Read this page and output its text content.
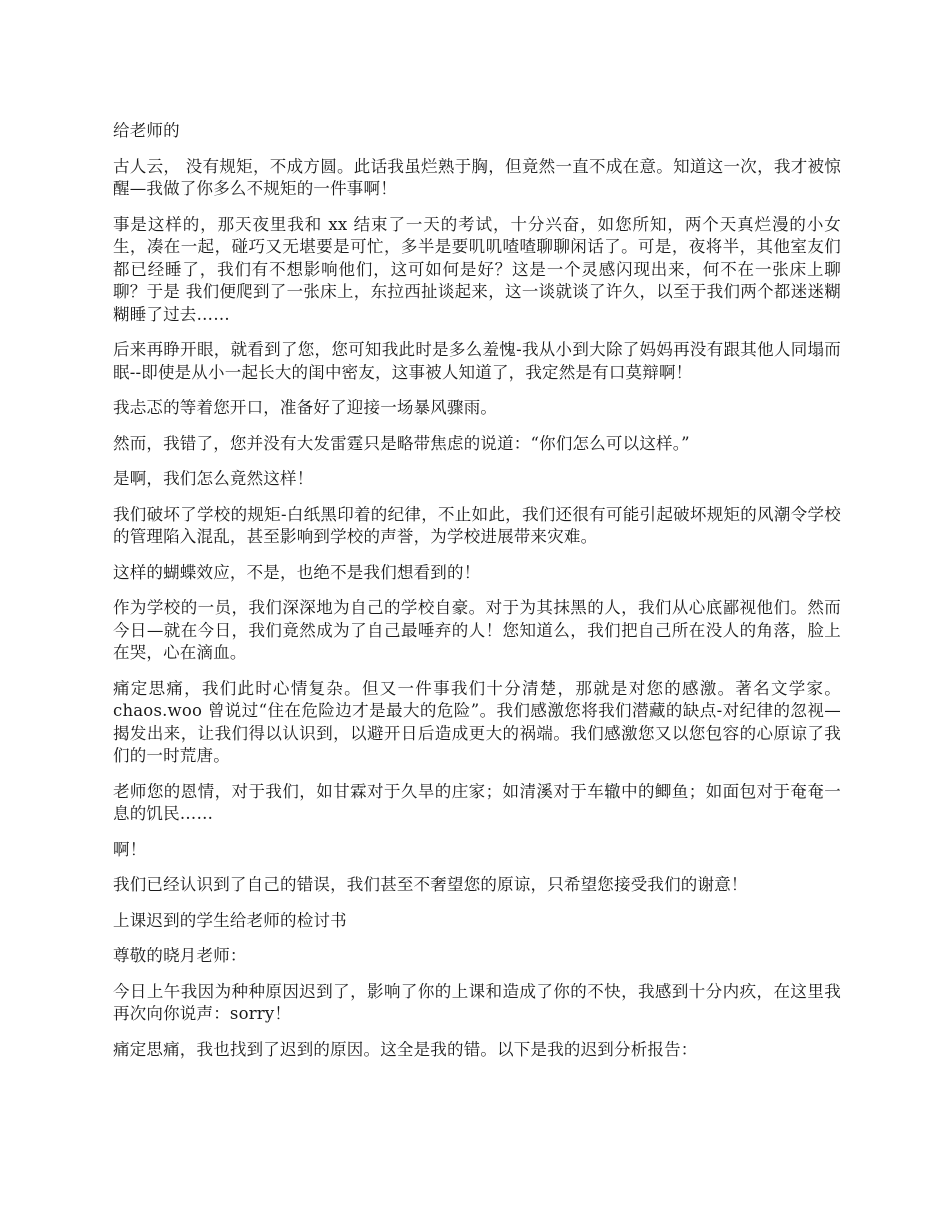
给老师的

古人云， 没有规矩，不成方圆。此话我虽烂熟于胸，但竟然一直不成在意。知道这一次，我才被惊醒—我做了你多么不规矩的一件事啊！

事是这样的，那天夜里我和 xx 结束了一天的考试，十分兴奋，如您所知，两个天真烂漫的小女生，凑在一起，碰巧又无堪要是可忙，多半是要叽叽喳喳聊聊闲话了。可是，夜将半，其他室友们都已经睡了，我们有不想影响他们，这可如何是好？这是一个灵感闪现出来，何不在一张床上聊聊？于是 我们便爬到了一张床上，东拉西扯谈起来，这一谈就谈了许久，以至于我们两个都迷迷糊糊睡了过去……

后来再睁开眼，就看到了您，您可知我此时是多么羞愧-我从小到大除了妈妈再没有跟其他人同塌而眠--即使是从小一起长大的闺中密友，这事被人知道了，我定然是有口莫辩啊！

我忐忑的等着您开口，准备好了迎接一场暴风骤雨。

然而，我错了，您并没有大发雷霆只是略带焦虑的说道：“你们怎么可以这样。”

是啊，我们怎么竟然这样！

我们破坏了学校的规矩-白纸黑印着的纪律，不止如此，我们还很有可能引起破坏规矩的风潮令学校的管理陷入混乱，甚至影响到学校的声誉，为学校进展带来灾难。

这样的蝴蝶效应，不是，也绝不是我们想看到的！

作为学校的一员，我们深深地为自己的学校自豪。对于为其抹黑的人，我们从心底鄙视他们。然而今日—就在今日，我们竟然成为了自己最唾弃的人！您知道么，我们把自己所在没人的角落，脸上在哭，心在滴血。

痛定思痛，我们此时心情复杂。但又一件事我们十分清楚，那就是对您的感激。著名文学家。chaos.woo 曾说过“住在危险边才是最大的危险”。我们感激您将我们潜藏的缺点-对纪律的忽视—揭发出来，让我们得以认识到，以避开日后造成更大的祸端。我们感激您又以您包容的心原谅了我们的一时荒唐。

老师您的恩情，对于我们，如甘霖对于久旱的庄家；如清溪对于车辙中的鲫鱼；如面包对于奄奄一息的饥民……

啊！

我们已经认识到了自己的错误，我们甚至不奢望您的原谅，只希望您接受我们的谢意！

上课迟到的学生给老师的检讨书

尊敬的晓月老师：

今日上午我因为种种原因迟到了，影响了你的上课和造成了你的不快，我感到十分内疚，在这里我再次向你说声：sorry！

痛定思痛，我也找到了迟到的原因。这全是我的错。以下是我的迟到分析报告：
